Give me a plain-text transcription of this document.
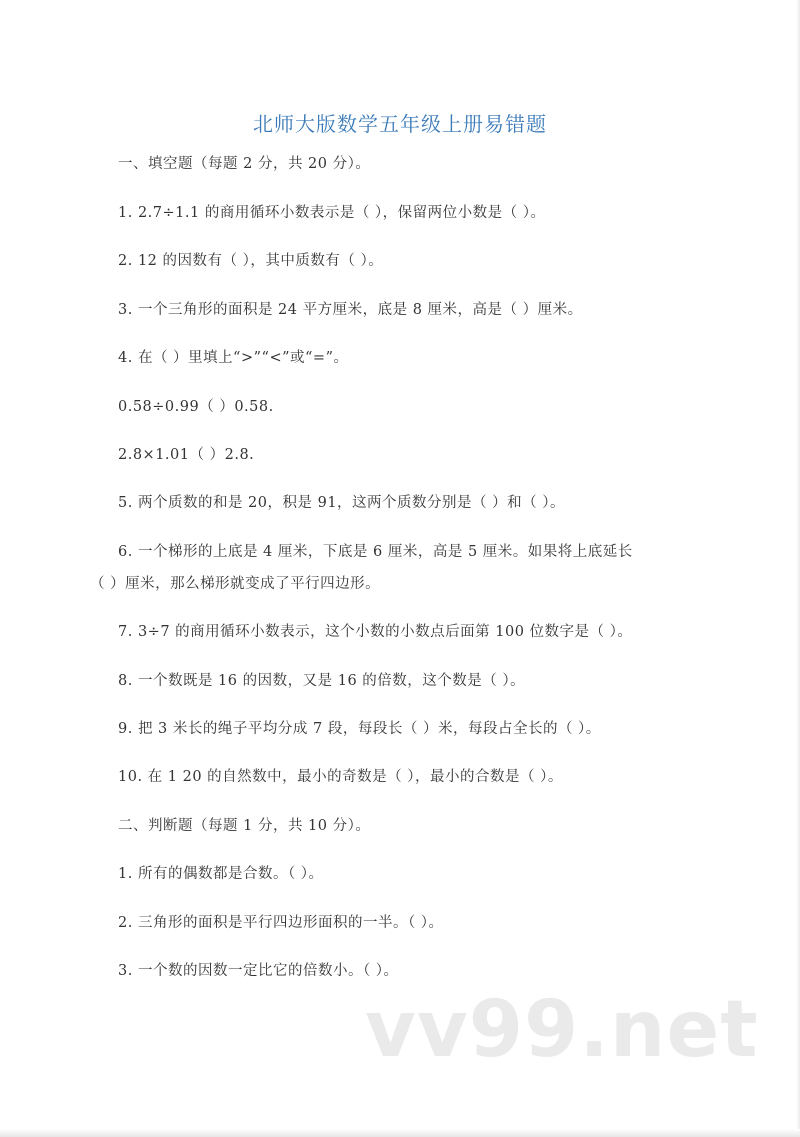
北师大版数学五年级上册易错题
一、填空题（每题 2 分，共 20 分）。
1. 2.7÷1.1 的商用循环小数表示是（ ），保留两位小数是（ ）。
2. 12 的因数有（ ），其中质数有（ ）。
3. 一个三角形的面积是 24 平方厘米，底是 8 厘米，高是（ ）厘米。
4. 在（ ）里填上“>”“<”或“=”。
0.58÷0.99（ ）0.58.
2.8×1.01（ ）2.8.
5. 两个质数的和是 20，积是 91，这两个质数分别是（ ）和（ ）。
6. 一个梯形的上底是 4 厘米，下底是 6 厘米，高是 5 厘米。如果将上底延长
（ ）厘米，那么梯形就变成了平行四边形。
7. 3÷7 的商用循环小数表示，这个小数的小数点后面第 100 位数字是（ ）。
8. 一个数既是 16 的因数，又是 16 的倍数，这个数是（ ）。
9. 把 3 米长的绳子平均分成 7 段，每段长（ ）米，每段占全长的（ ）。
10. 在 1 20 的自然数中，最小的奇数是（ ），最小的合数是（ ）。
二、判断题（每题 1 分，共 10 分）。
1. 所有的偶数都是合数。（ ）。
2. 三角形的面积是平行四边形面积的一半。（ ）。
3. 一个数的因数一定比它的倍数小。（ ）。
vv99.net
